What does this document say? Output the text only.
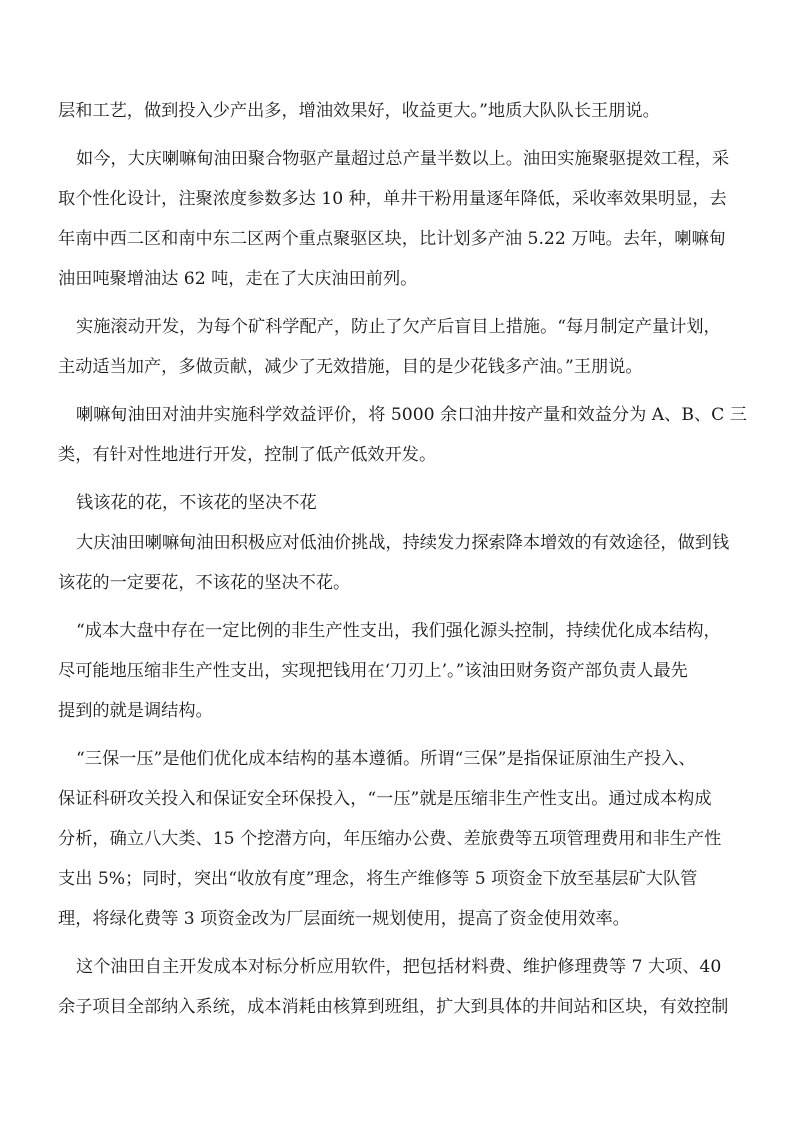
层和工艺，做到投入少产出多，增油效果好，收益更大。”地质大队队长王朋说。
如今，大庆喇嘛甸油田聚合物驱产量超过总产量半数以上。油田实施聚驱提效工程，采
取个性化设计，注聚浓度参数多达 10 种，单井干粉用量逐年降低，采收率效果明显，去
年南中西二区和南中东二区两个重点聚驱区块，比计划多产油 5.22 万吨。去年，喇嘛甸
油田吨聚增油达 62 吨，走在了大庆油田前列。
实施滚动开发，为每个矿科学配产，防止了欠产后盲目上措施。“每月制定产量计划，
主动适当加产，多做贡献，减少了无效措施，目的是少花钱多产油。”王朋说。
喇嘛甸油田对油井实施科学效益评价，将 5000 余口油井按产量和效益分为 A、B、C 三
类，有针对性地进行开发，控制了低产低效开发。
钱该花的花，不该花的坚决不花
大庆油田喇嘛甸油田积极应对低油价挑战，持续发力探索降本增效的有效途径，做到钱
该花的一定要花，不该花的坚决不花。
“成本大盘中存在一定比例的非生产性支出，我们强化源头控制，持续优化成本结构，
尽可能地压缩非生产性支出，实现把钱用在‘刀刃上’。”该油田财务资产部负责人最先
提到的就是调结构。
“三保一压”是他们优化成本结构的基本遵循。所谓“三保”是指保证原油生产投入、
保证科研攻关投入和保证安全环保投入，“一压”就是压缩非生产性支出。通过成本构成
分析，确立八大类、15 个挖潜方向，年压缩办公费、差旅费等五项管理费用和非生产性
支出 5%；同时，突出“收放有度”理念，将生产维修等 5 项资金下放至基层矿大队管
理，将绿化费等 3 项资金改为厂层面统一规划使用，提高了资金使用效率。
这个油田自主开发成本对标分析应用软件，把包括材料费、维护修理费等 7 大项、40
余子项目全部纳入系统，成本消耗由核算到班组，扩大到具体的井间站和区块，有效控制
